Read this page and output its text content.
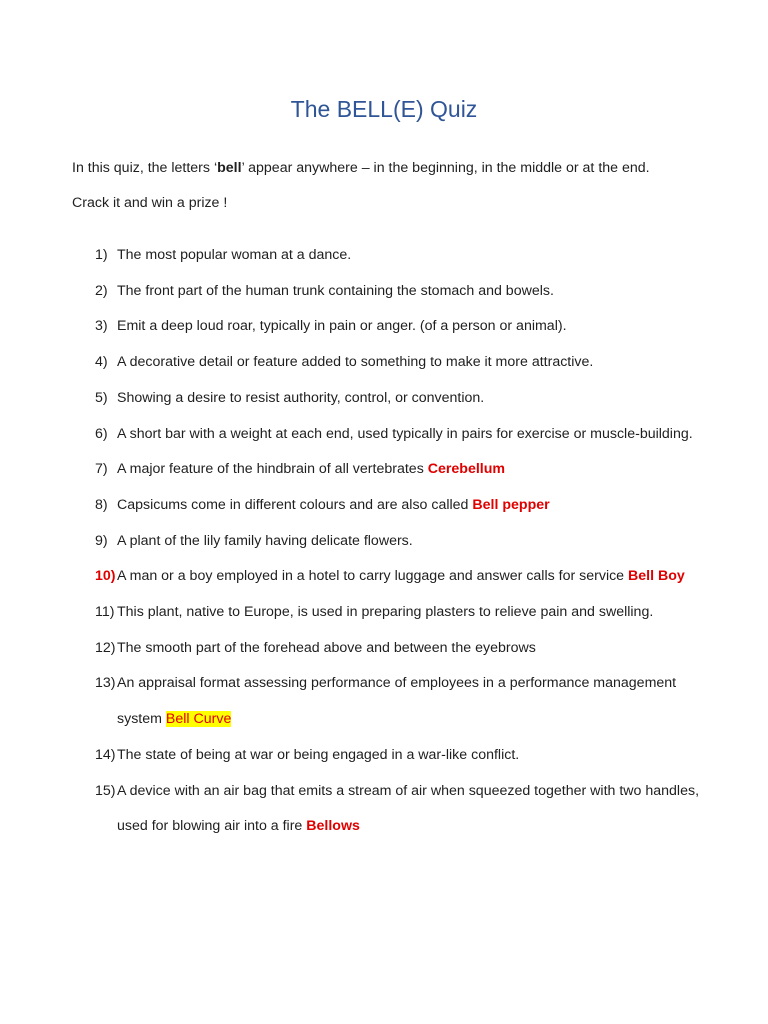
The BELL(E) Quiz

In this quiz, the letters ‘bell’ appear anywhere – in the beginning, in the middle or at the end.

Crack it and win a prize !

1) The most popular woman at a dance.
2) The front part of the human trunk containing the stomach and bowels.
3) Emit a deep loud roar, typically in pain or anger. (of a person or animal).
4) A decorative detail or feature added to something to make it more attractive.
5) Showing a desire to resist authority, control, or convention.
6) A short bar with a weight at each end, used typically in pairs for exercise or muscle-building.
7) A major feature of the hindbrain of all vertebrates Cerebellum
8) Capsicums come in different colours and are also called Bell pepper
9) A plant of the lily family having delicate flowers.
10) A man or a boy employed in a hotel to carry luggage and answer calls for service Bell Boy
11) This plant, native to Europe, is used in preparing plasters to relieve pain and swelling.
12) The smooth part of the forehead above and between the eyebrows
13) An appraisal format assessing performance of employees in a performance management system Bell Curve
14) The state of being at war or being engaged in a war-like conflict.
15) A device with an air bag that emits a stream of air when squeezed together with two handles, used for blowing air into a fire Bellows
